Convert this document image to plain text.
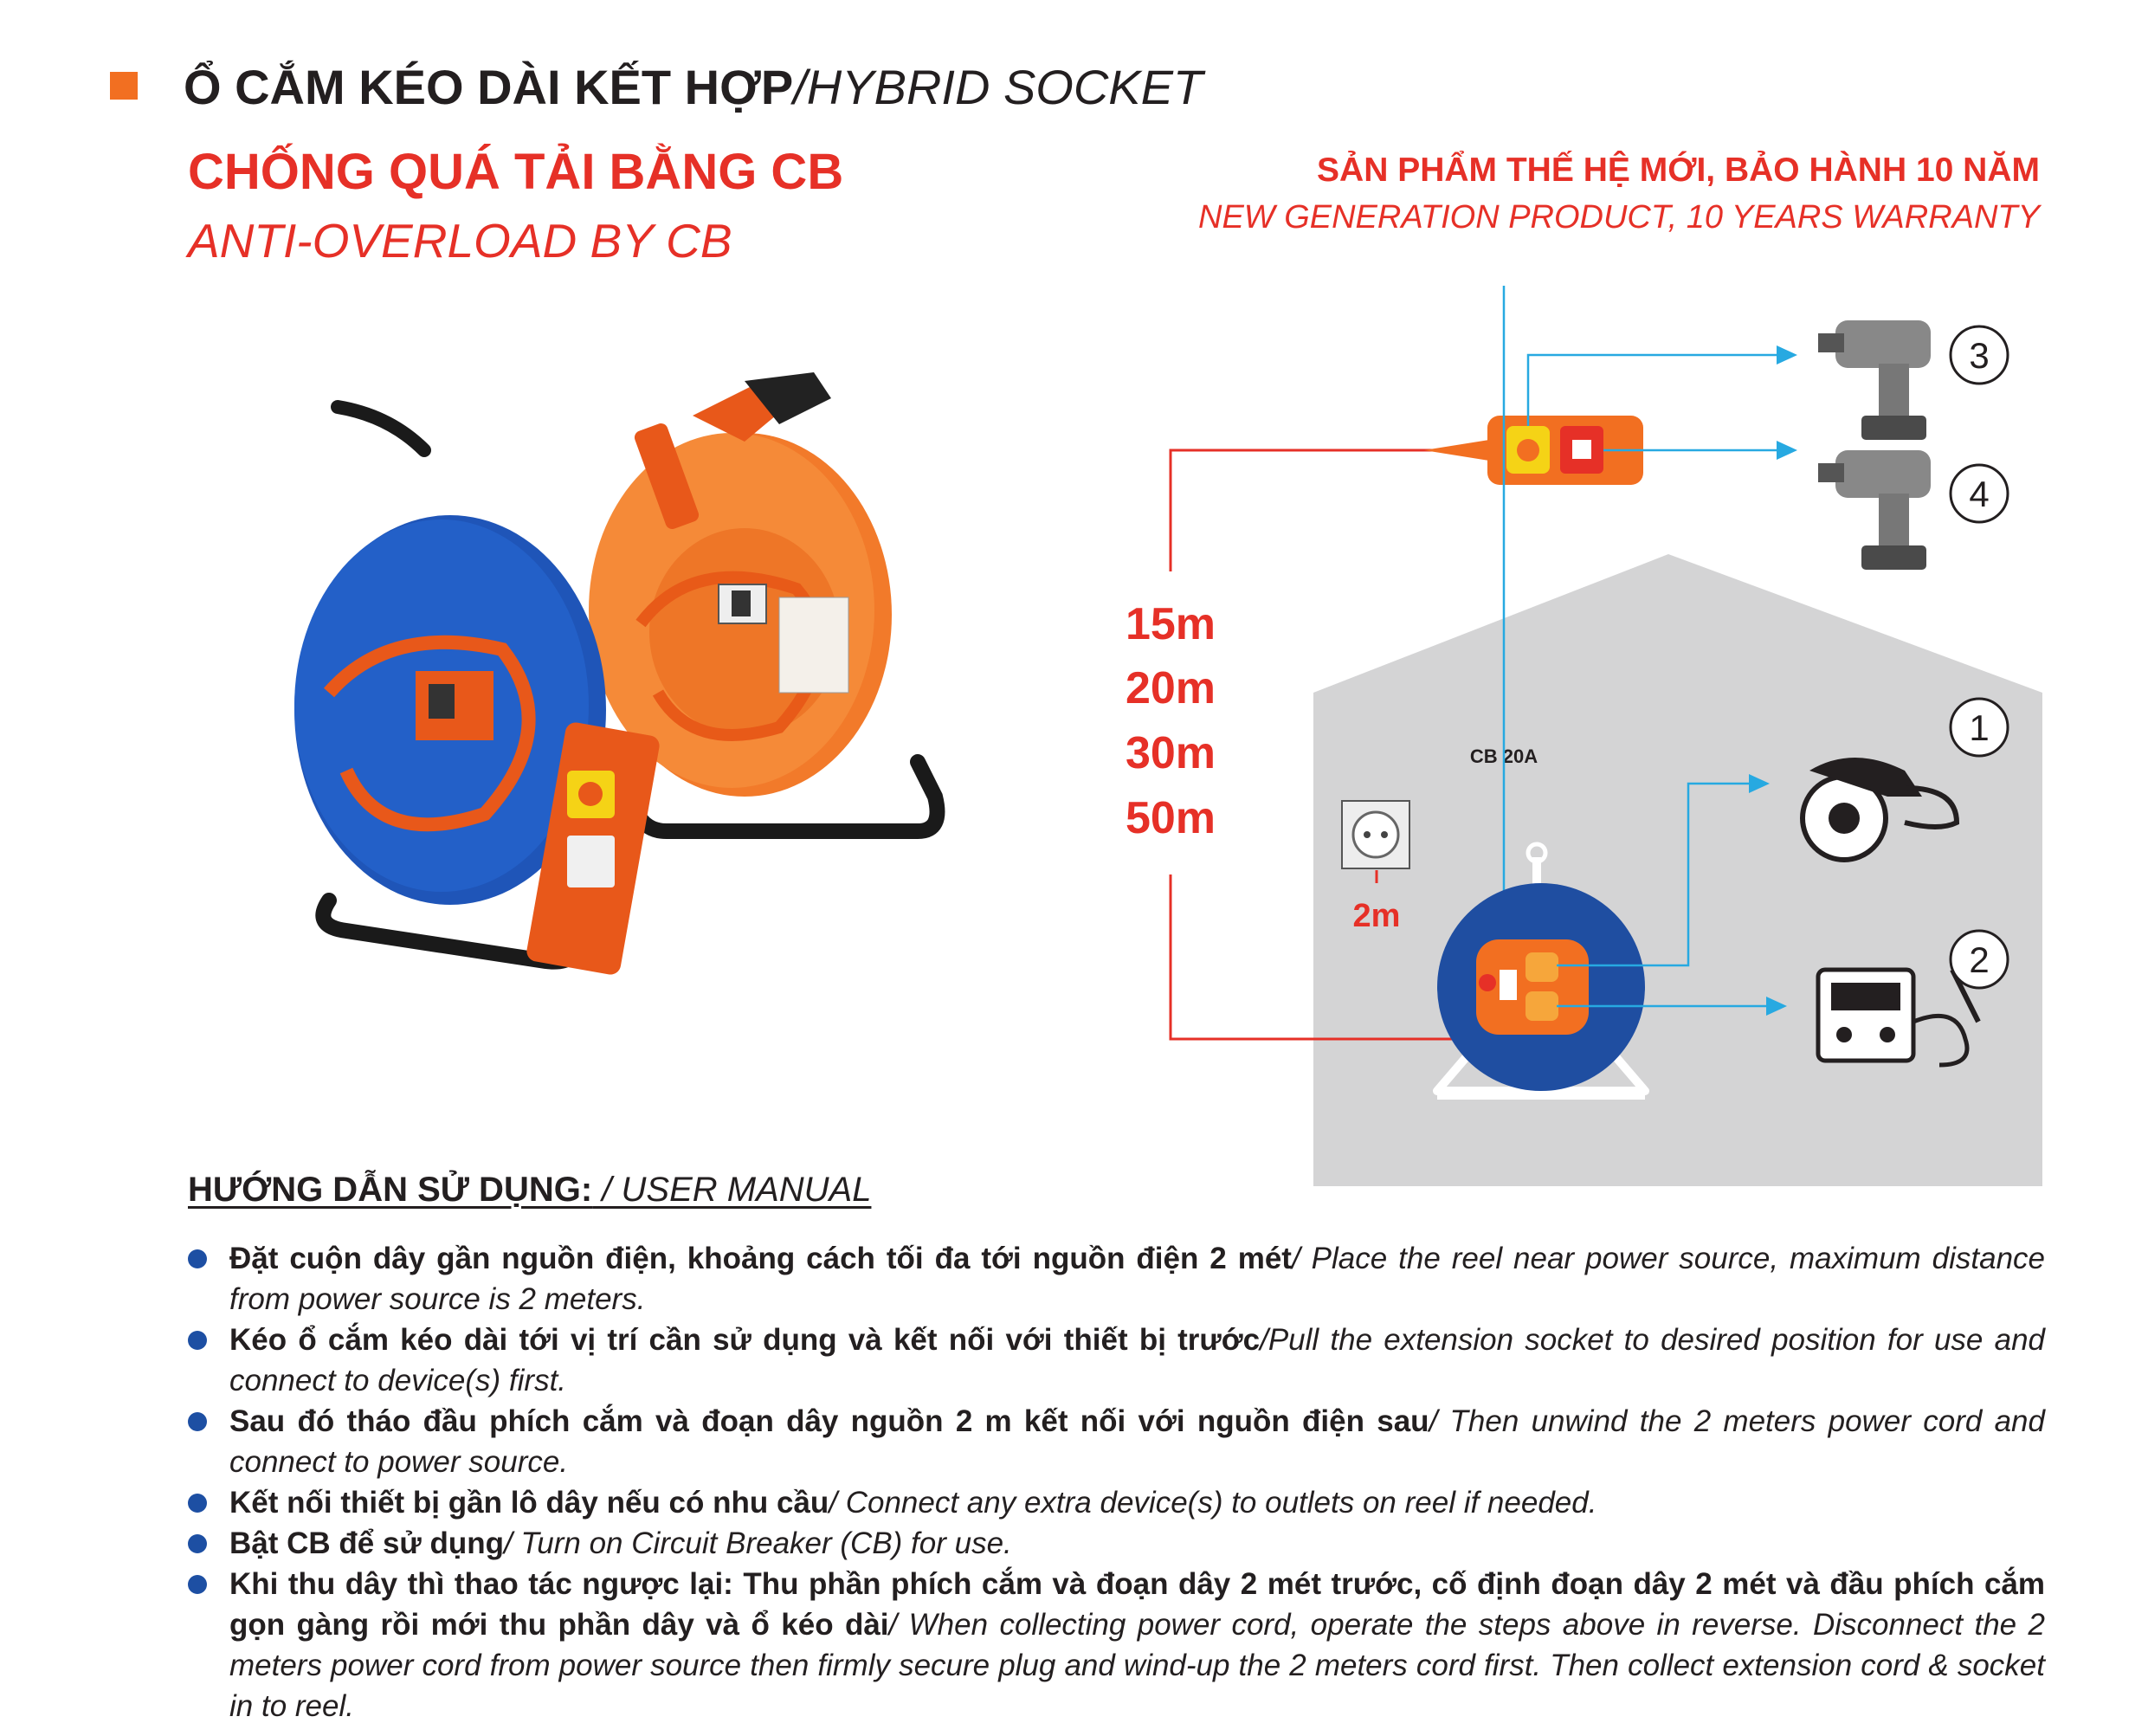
Ổ CẮM KÉO DÀI KẾT HỢP/HYBRID SOCKET
CHỐNG QUÁ TẢI BẰNG CB
ANTI-OVERLOAD BY CB
SẢN PHẨM THẾ HỆ MỚI, BẢO HÀNH 10 NĂM
NEW GENERATION PRODUCT, 10 YEARS WARRANTY
15m
20m
30m
50m
3
4
2m
CB 20A
1
2
HƯỚNG DẪN SỬ DỤNG: / USER MANUAL
Đặt cuộn dây gần nguồn điện, khoảng cách tối đa tới nguồn điện 2 mét/ Place the reel near power source, maximum distance from power source is 2 meters.
Kéo ổ cắm kéo dài tới vị trí cần sử dụng và kết nối với thiết bị trước/Pull the extension socket to desired position for use and connect to device(s) first.
Sau đó tháo đầu phích cắm và đoạn dây nguồn 2 m kết nối với nguồn điện sau/ Then unwind the 2 meters power cord and connect to power source.
Kết nối thiết bị gần lô dây nếu có nhu cầu/ Connect any extra device(s) to outlets on reel if needed.
Bật CB để sử dụng/ Turn on Circuit Breaker (CB) for use.
Khi thu dây thì thao tác ngược lại: Thu phần phích cắm và đoạn dây 2 mét trước, cố định đoạn dây 2 mét và đầu phích cắm gọn gàng rồi mới thu phần dây và ổ kéo dài/ When collecting power cord, operate the steps above in reverse. Disconnect the 2 meters power cord from power source then firmly secure plug and wind-up the 2 meters cord first. Then collect extension cord & socket in to reel.
